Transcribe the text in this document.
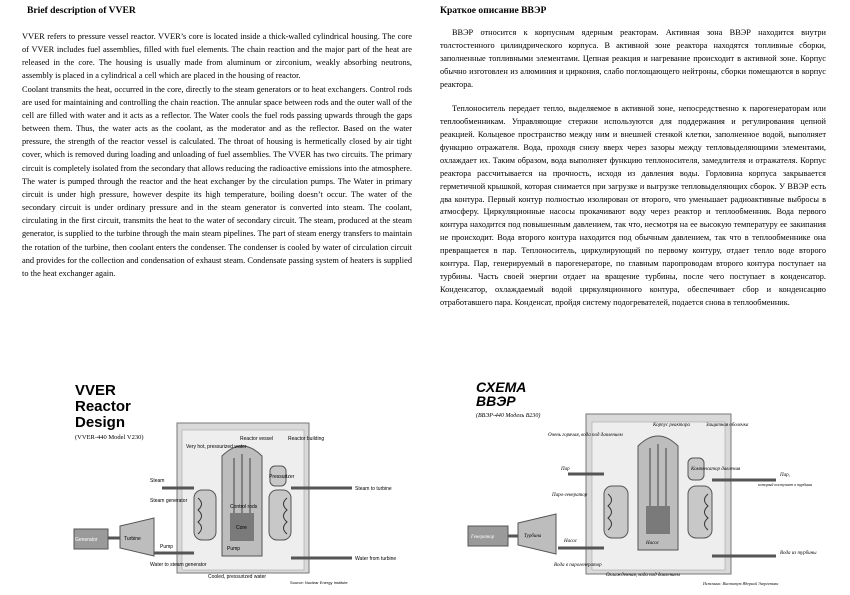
Brief description of VVER

VVER refers to pressure vessel reactor. VVER’s core is located inside a thick-walled cylindrical housing. The core of VVER includes fuel assemblies, filled with fuel elements. The chain reaction and the major part of the heat are released in the core. The housing is usually made from aluminum or zirconium, weakly absorbing neutrons, assembly is placed in a cylindrical a cell which are placed in the housing of reactor.

Coolant transmits the heat, occurred in the core, directly to the steam generators or to heat exchangers. Control rods are used for maintaining and controlling the chain reaction. The annular space between rods and the outer wall of the cell are filled with water and it acts as a reflector. The Water cools the fuel rods passing upwards through the gaps between them. Thus, the water acts as the coolant, as the moderator and as the reflector. Based on the water pressure, the strength of the reactor vessel is calculated. The throat of housing is hermetically closed by air tight cover, which is removed during loading and unloading of fuel assemblies. The VVER has two circuits. The primary circuit is completely isolated from the secondary that allows reducing the radioactive emissions into the atmosphere. The water is pumped through the reactor and the heat exchanger by the circulation pumps. The Water in primary circuit is under high pressure, however despite its high temperature, boiling doesn’t occur. The water of the secondary circuit is under ordinary pressure and in the steam generator is converted into steam. The coolant, circulating in the first circuit, transmits the heat to the water of secondary circuit. The steam, produced at the steam generator, is supplied to the turbine through the main steam pipelines. The part of steam energy transfers to maintain the rotation of the turbine, then coolant enters the condenser. The condenser is cooled by water of circulation circuit and provides for the collection and condensation of exhaust steam. Condensate passing system of heaters is supplied to the heat exchanger again.

VVER
Reactor
Design
(VVER-440 Model V230)
Very hot, pressurized water
Reactor vessel	Reactor building
Steam
Steam generator
Pressurizer
Steam to turbine
Control rods
Core
Generator	Turbine
Pump	Pump
Water from turbine
Water to steam generator
Cooled, pressurized water
Source: Nuclear Energy Institute
Краткое описание ВВЭР

ВВЭР относится к корпусным ядерным реакторам. Активная зона ВВЭР находится внутри толстостенного цилиндрического корпуса. В активной зоне реактора находятся топливные сборки, заполненные топливными элементами. Цепная реакция и нагревание происходит в активной зоне. Корпус обычно изготовлен из алюминия и циркония, слабо поглощающего нейтроны, сборки помещаются в корпус реактора.

Теплоноситель передает тепло, выделяемое в активной зоне, непосредственно к парогенераторам или теплообменникам. Управляющие стержни используются для поддержания и регулирования цепной реакцией. Кольцевое пространство между ним и внешней стенкой клетки, заполненное водой, выполняет функцию отражателя. Вода, проходя снизу вверх через зазоры между тепловыделяющими элементами, охлаждает их. Таким образом, вода выполняет функцию теплоносителя, замедлителя и отражателя. Корпус реактора рассчитывается на прочность, исходя из давления воды. Горловина корпуса закрывается герметичной крышкой, которая снимается при загрузке и выгрузке тепловыделяющих сборок. У ВВЭР есть два контура. Первый контур полностью изолирован от второго, что уменьшает радиоактивные выбросы в атмосферу. Циркуляционные насосы прокачивают воду через реактор и теплообменник. Вода первого контура находится под повышенным давлением, так что, несмотря на ее высокую температуру ее закипания не происходит. Вода второго контура находится под обычным давлением, так что в теплообменнике она превращается в пар. Теплоноситель, циркулирующий по первому контуру, отдает тепло воде второго контура. Пар, генерируемый в парогенераторе, по главным паропроводам второго контура поступает на турбины. Часть своей энергии отдает на вращение турбины, после чего поступает в конденсатор. Конденсатор, охлаждаемый водой циркуляционного контура, обеспечивает сбор и конденсацию отработавшего пара. Конденсат, пройдя систему подогревателей, подается снова в теплообменник.

СХЕМА
ВВЭР
(ВВЭР-440 Модель В230)
Очень горячая, вода под давлением
Корпус реактора	Защитная оболочка
Пар
Паро-генератор
Компенсатор давления
Пар,
который поступает в турбины
Генератор	Турбина
Насос	Насос
Вода из турбины
Вода в парогенератор
Охлажденная, вода под давлением
Источник: Институт Ядерной Энергетики
